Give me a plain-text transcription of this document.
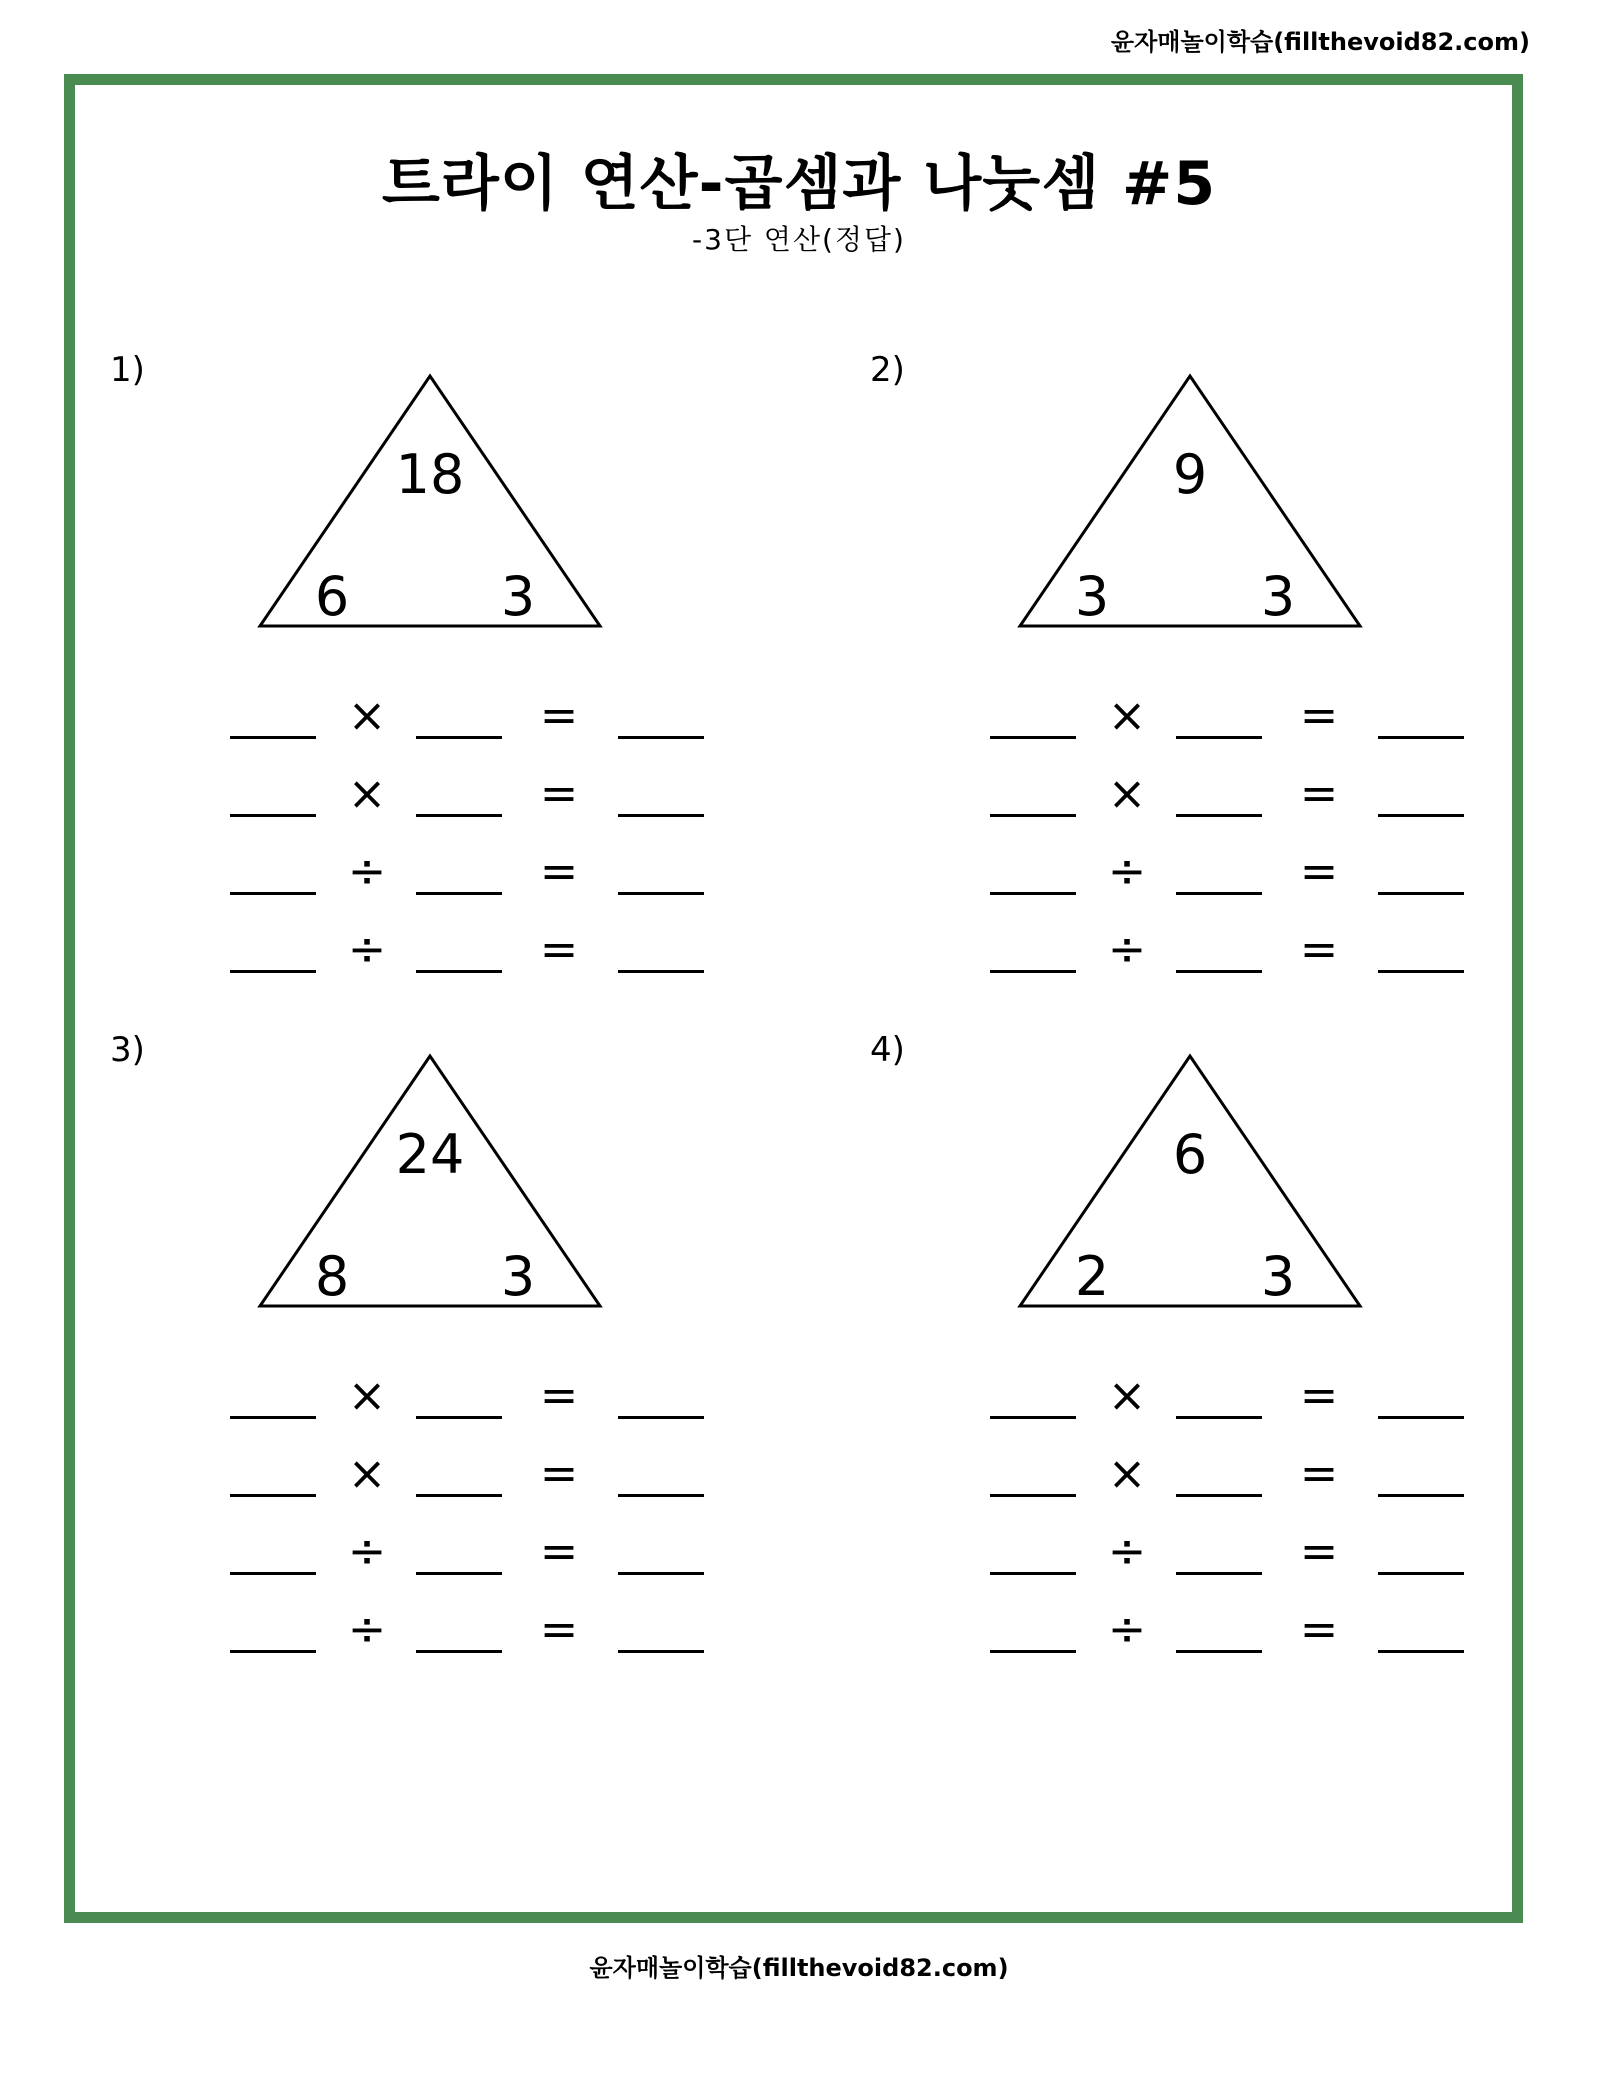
윤자매놀이학습(fillthevoid82.com)
트라이 연산-곱셈과 나눗셈 #5
-3단 연산(정답)
1)
18
6	3
×	=
×	=
÷	=
÷	=
2)
9
3	3
×	=
×	=
÷	=
÷	=
3)
24
8	3
×	=
×	=
÷	=
÷	=
4)
6
2	3
×	=
×	=
÷	=
÷	=
윤자매놀이학습(fillthevoid82.com)
